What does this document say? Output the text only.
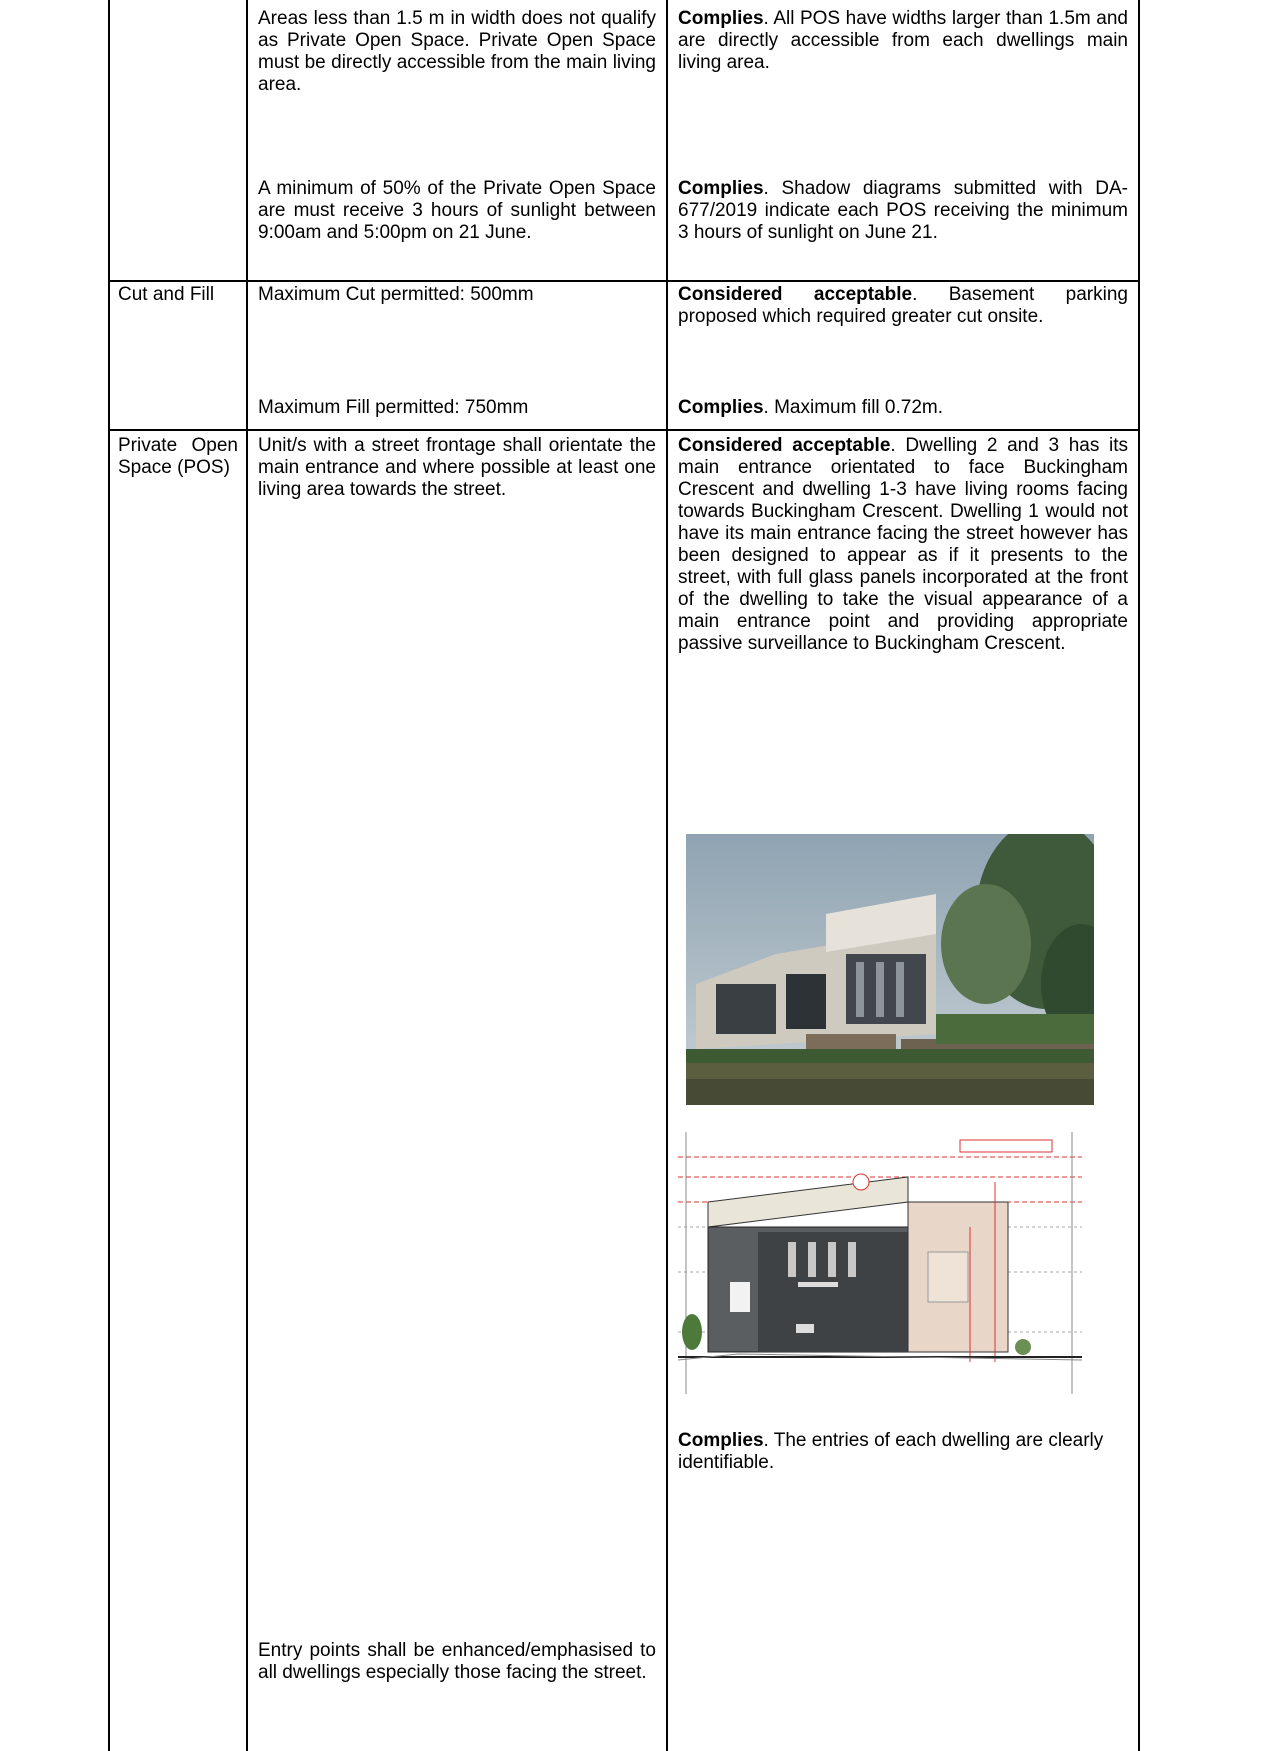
Areas less than 1.5 m in width does not qualify as Private Open Space. Private Open Space must be directly accessible from the main living area.
A minimum of 50% of the Private Open Space are must receive 3 hours of sunlight between 9:00am and 5:00pm on 21 June.
Complies. All POS have widths larger than 1.5m and are directly accessible from each dwellings main living area.
Complies. Shadow diagrams submitted with DA-677/2019 indicate each POS receiving the minimum 3 hours of sunlight on June 21.
Cut and Fill	Maximum Cut permitted: 500mm
Maximum Fill permitted: 750mm
Considered acceptable. Basement parking proposed which required greater cut onsite.
Complies. Maximum fill 0.72m.
Private Open Space (POS)
Unit/s with a street frontage shall orientate the main entrance and where possible at least one living area towards the street.
Entry points shall be enhanced/emphasised to all dwellings especially those facing the street.
Considered acceptable. Dwelling 2 and 3 has its main entrance orientated to face Buckingham Crescent and dwelling 1-3 have living rooms facing towards Buckingham Crescent. Dwelling 1 would not have its main entrance facing the street however has been designed to appear as if it presents to the street, with full glass panels incorporated at the front of the dwelling to take the visual appearance of a main entrance point and providing appropriate passive surveillance to Buckingham Crescent.
Complies. The entries of each dwelling are clearly identifiable.
